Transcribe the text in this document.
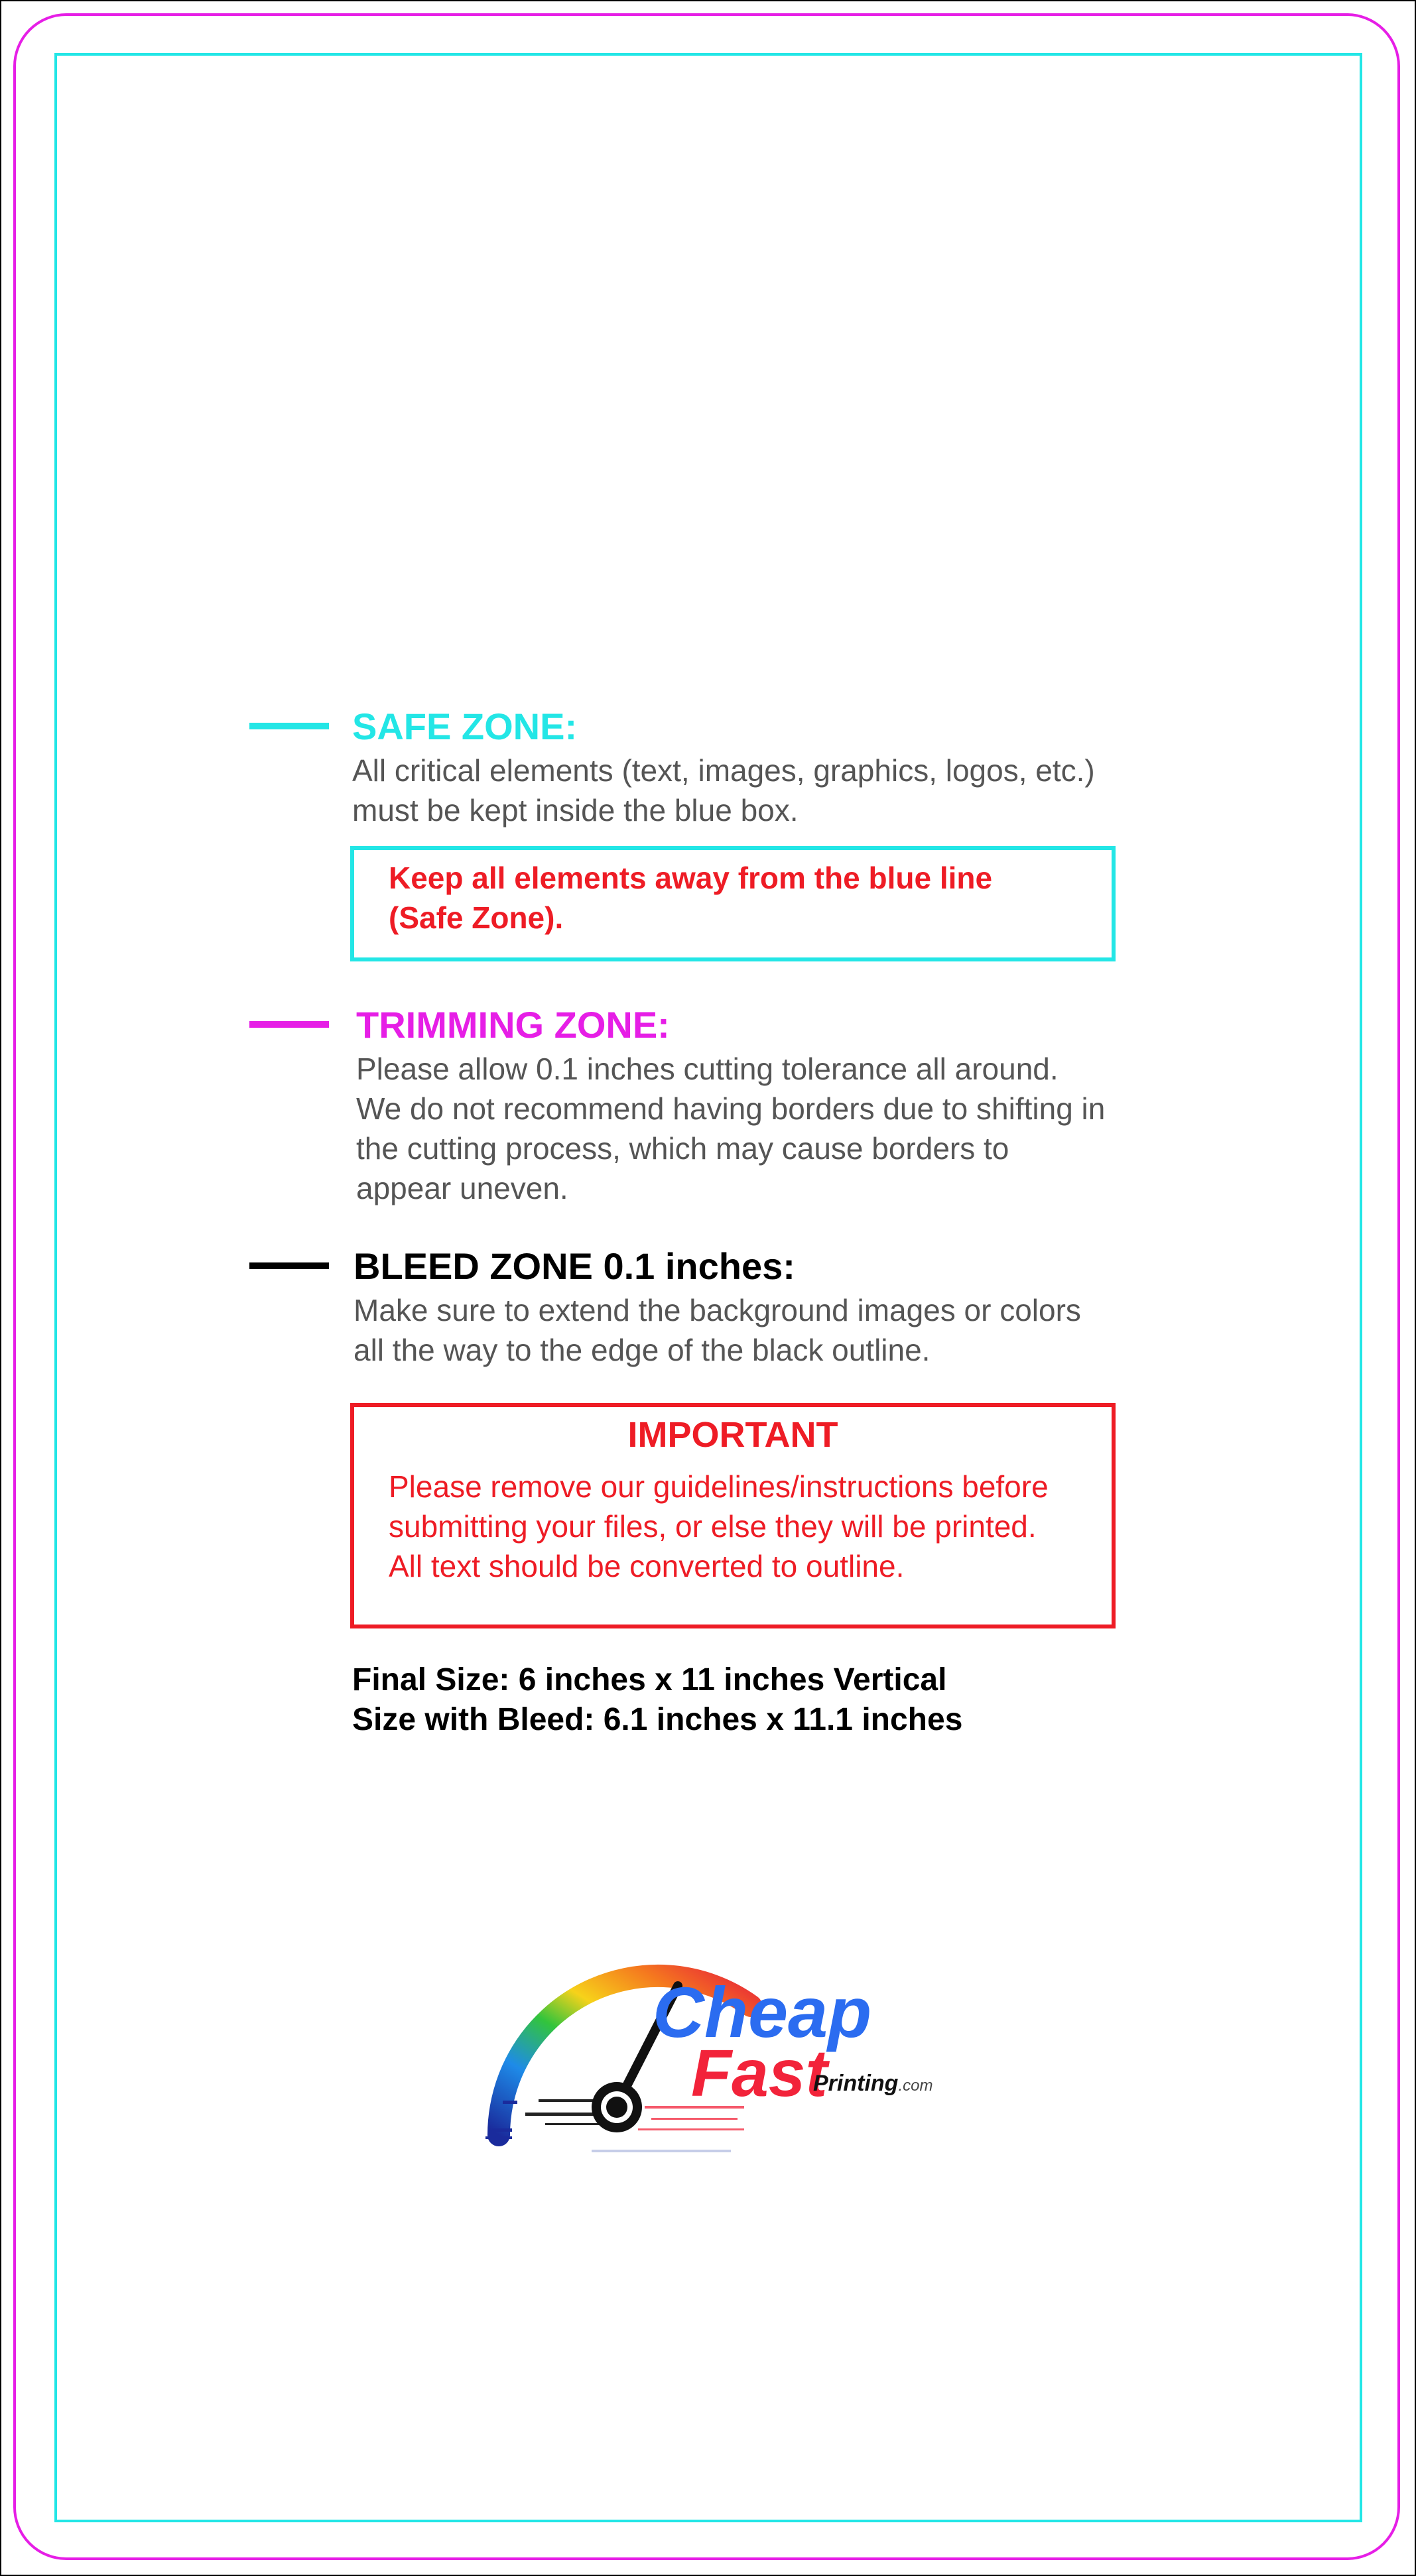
SAFE ZONE:
All critical elements (text, images, graphics, logos, etc.)
must be kept inside the blue box.
Keep all elements away from the blue line
(Safe Zone).
TRIMMING ZONE:
Please allow 0.1 inches cutting tolerance all around.
We do not recommend having borders due to shifting in
the cutting process, which may cause borders to
appear uneven.
BLEED ZONE 0.1 inches:
Make sure to extend the background images or colors
all the way to the edge of the black outline.
IMPORTANT
Please remove our guidelines/instructions before
submitting your files, or else they will be printed.
All text should be converted to outline.
Final Size: 6 inches x 11 inches Vertical
Size with Bleed: 6.1 inches x 11.1 inches
Cheap
Fast
Printing.com
